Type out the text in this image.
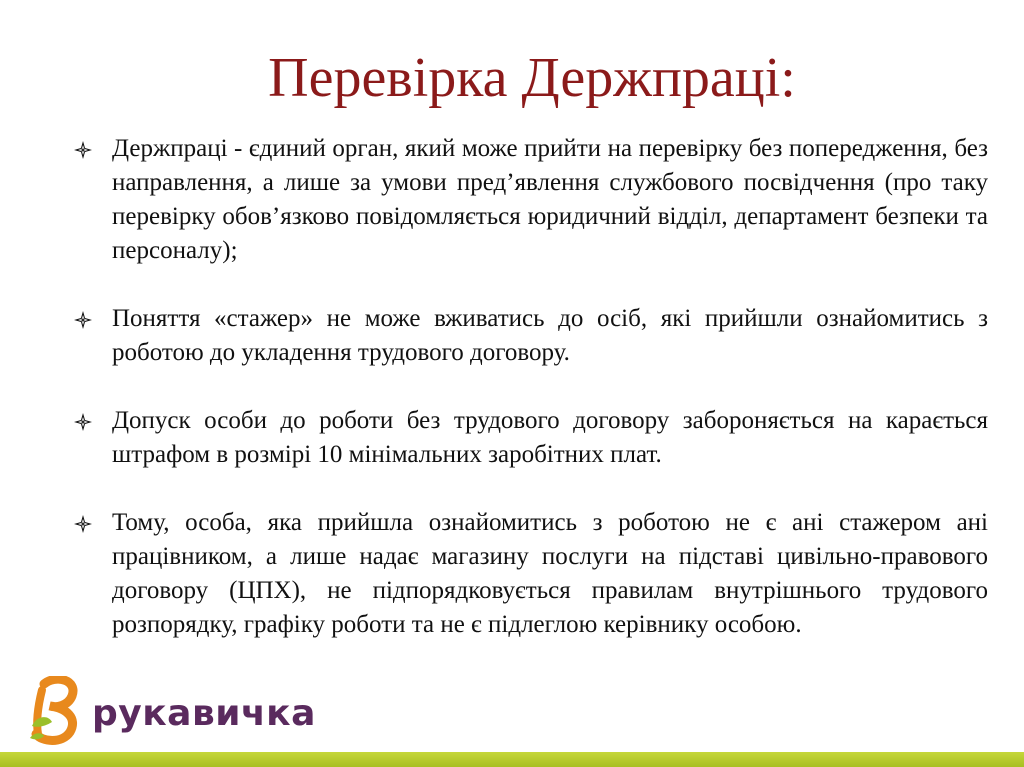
Перевірка Держпраці:
Держпраці - єдиний орган, який може прийти на перевірку без попередження, без направлення, а лише за умови пред’явлення службового посвідчення (про таку перевірку обов’язково повідомляється юридичний відділ, департамент безпеки та персоналу);
Поняття «стажер» не може вживатись до осіб, які прийшли ознайомитись з роботою до укладення трудового договору.
Допуск особи до роботи без трудового договору забороняється на карається штрафом в розмірі 10 мінімальних заробітних плат.
Тому, особа, яка прийшла ознайомитись з роботою не є ані стажером ані працівником, а лише надає магазину послуги на підставі цивільно-правового договору (ЦПХ), не підпорядковується правилам внутрішнього трудового розпорядку, графіку роботи та не є підлеглою керівнику особою.
рукавичка
